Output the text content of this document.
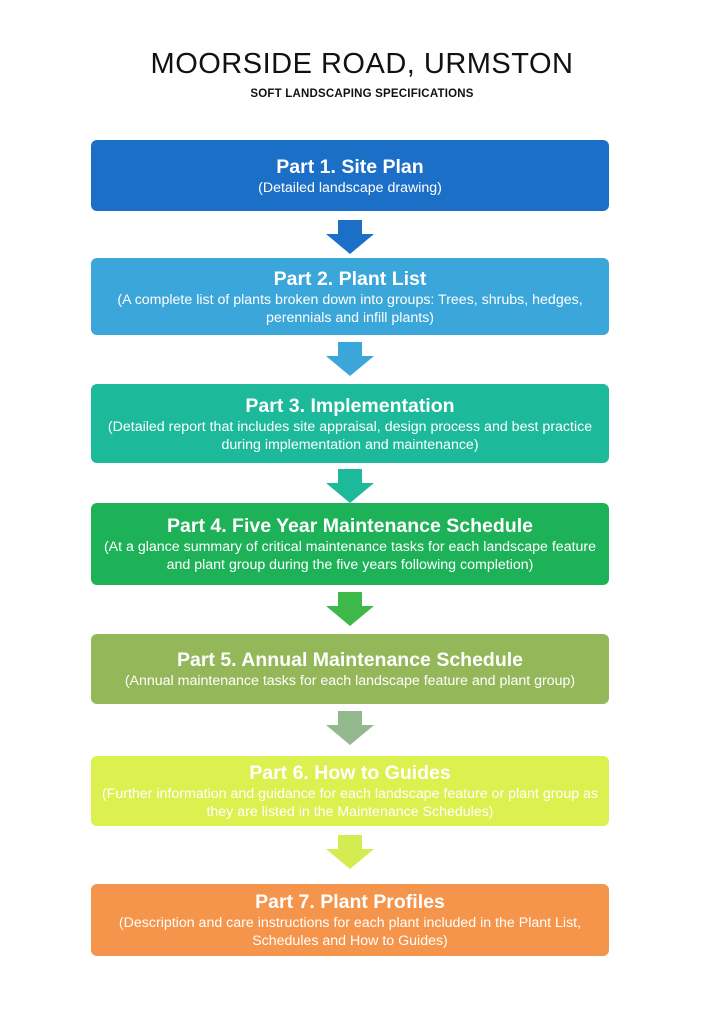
MOORSIDE ROAD, URMSTON
SOFT LANDSCAPING SPECIFICATIONS
Part 1. Site Plan
(Detailed landscape drawing)
Part 2. Plant List
(A complete list of plants broken down into groups: Trees, shrubs, hedges, perennials and infill plants)
Part 3. Implementation
(Detailed report that includes site appraisal, design process and best practice during implementation and maintenance)
Part 4. Five Year Maintenance Schedule
(At a glance summary of critical maintenance tasks for each landscape feature and plant group during the five years following completion)
Part 5. Annual Maintenance Schedule
(Annual maintenance tasks for each landscape feature and plant group)
Part 6. How to Guides
(Further information and guidance for each landscape feature or plant group as they are listed in the Maintenance Schedules)
Part 7. Plant Profiles
(Description and care instructions for each plant included in the Plant List, Schedules and How to Guides)
